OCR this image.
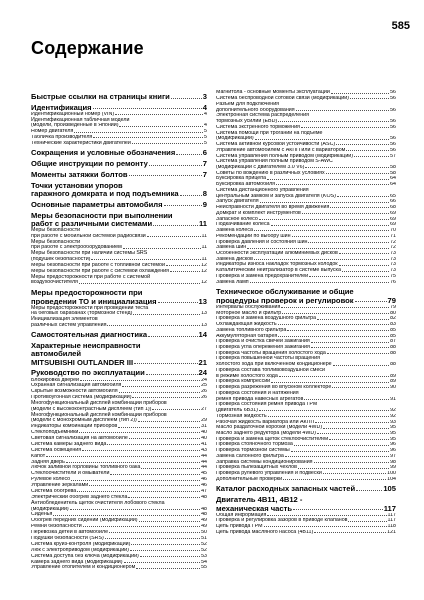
585
Содержание
Быстрые ссылки на страницы книги	3
Идентификация	4
Идентификационный номер (VIN)	4
Идентификационная табличная модели
(модели, произведенные в Японии)	4
Номер двигателя	5
Табличка производителя	5
Технические характеристики двигателей	5
Сокращения и условные обозначения	6
Общие инструкции по ремонту	7
Моменты затяжки болтов	7
Точки установки упоров
гаражного домкрата и под подъемника	8
Основные параметры автомобиля	9
Меры безопасности при выполнении
работ с различными системами	11
Меры безопасности
при работе с мобильной системой радиосвязи	11
Меры безопасности
при работе с электрооборудованием	11
Меры безопасности при наличии системы SRS
(подушек безопасности)	11
Меры безопасности при работе с топливной системой	12
Меры безопасности при работе с системой охлаждения	12
Меры предосторожности при работе с системой
воздухоочистителя	12
Меры предосторожности при
проведении ТО и инициализация	13
Меры предосторожности при проведении теста
на беговых барабанах (тормозной стенд)	13
Инициализация элементов
различных систем управления	13
Самостоятельная диагностика	14
Характерные неисправности
автомобилей
MITSUBISHI OUTLANDER III	21
Руководство по эксплуатации	24
Блокировка дверей	24
Охранная сигнализация автомобиля	25
Скрытые возможности автомобиля	26
Противоугонная система (модификации)	26
Многофункциональный дисплей комбинации приборов
(модели с высококонтрастным дисплеем (тип 1))	27
Многофункциональный дисплей комбинации приборов
(модели с монохромным дисплеем (тип 2))	29
Индикаторы комбинации приборов	31
Стеклоподъемники	40
Световая сигнализация на автомобиле	40
Система камеры заднего вида	41
Система освещения	43
Капот	44
Задняя дверь	44
Лючок заливной горловины топливного бака	44
Стеклоочистители и омыватели	45
Рулевое колесо	46
Управление зеркалами	46
Система обогрева	47
Электрический обогрев заднего стекла	48
Антиобледенитель щеток очистителя лобового стекла
(модификации)	48
Сиденья	48
Обогрев передних сидений (модификации)	49
Ремни безопасности	49
Перевозка детей в автомобиле	50
Подушки безопасности (SRS)	51
Система круиз-контроля (модификации)	52
Люк с электроприводом (модификации)	52
Система доступа без ключа (модификации)	53
Камера заднего вида (модификации)	54
Управление отопителем и кондиционером	55
Магнитола - основные моменты эксплуатации	56
Система беспроводной сотовой связи (модификации)	56
Разъем для подключения
дополнительного оборудования	56
Электронная система распределения
тормозных усилий (EBD)	56
Система экстренного торможения	56
Система помощи при трогании на подъеме
(модификации)	56
Система активной курсовой устойчивости (ASC)	56
Управление автомобилем с АКПП или с вариатором	56
Система управления полным приводом (модификации)	57
Система управления полным приводом S-AWC
(модификации с двигателем 3.0 V6)	58
Советы по вождению в различных условиях	58
Буксировка прицепа	64
Буксировка автомобиля	64
Система дистанционного управления
центральным замком и запуска двигателя (KOS)	65
Запуск двигателя	66
Неисправности двигателя во время движения	68
Домкрат и комплект инструментов	69
Запасное колесо	69
Подкачивание колеса	69
Замена колеса	70
Рекомендации по выбору шин	71
Проверка давления и состояния шин	72
Замена шин	72
Особенности эксплуатации алюминиевых дисков	73
Замена дисков	73
Индикаторы износа накладок тормозных колодок	73
Каталитический нейтрализатор в системе выпуска	73
Проверка и замена предохранителей	75
Замена ламп	76
Техническое обслуживание и общие
процедуры проверок и регулировок	79
Интервалы обслуживания	79
Моторное масло и фильтр	80
Проверка и замена воздушного фильтра	82
Охлаждающая жидкость	83
Замена топливного фильтра	85
Аккумуляторная батарея	85
Проверка и очистка свечей зажигания	87
Проверка угла опережения зажигания	88
Проверка частоты вращения холостого хода	88
Проверка повышенной частоты вращения
холостого хода при включенном кондиционере	88
Проверка состава топливовоздушной смеси
в режиме холостого хода	89
Проверка компрессии	89
Проверка разрежения во впускном коллекторе	90
Проверка состояния и натяжения
ремня привода навесных агрегатов	91
Проверка состояния ремня привода ГРМ
(двигатель 6B31)	92
Тормозная жидкость	92
Рабочая жидкость вариатора или АКПП	93
Масло раздаточной коробки (модели 4WD)	95
Масло заднего редуктора (модели 4WD)	95
Проверка и замена щеток стеклоочистителей	95
Проверка стояночного тормоза	96
Проверка тормозной системы	96
Замена салонного фильтра	97
Заправка системы кондиционирования	98
Проверка пылезащитных чехлов	99
Проверка рулевого управления и подвески	100
Дополнительные проверки	104
Каталог расходных запасных частей	105
Двигатель 4B11, 4B12 -
механическая часть	117
Общая информация	117
Проверка и регулировка зазоров в приводе клапанов	117
Цепь привода ГРМ	118
Цепь привода масляного насоса (4B11)	121
